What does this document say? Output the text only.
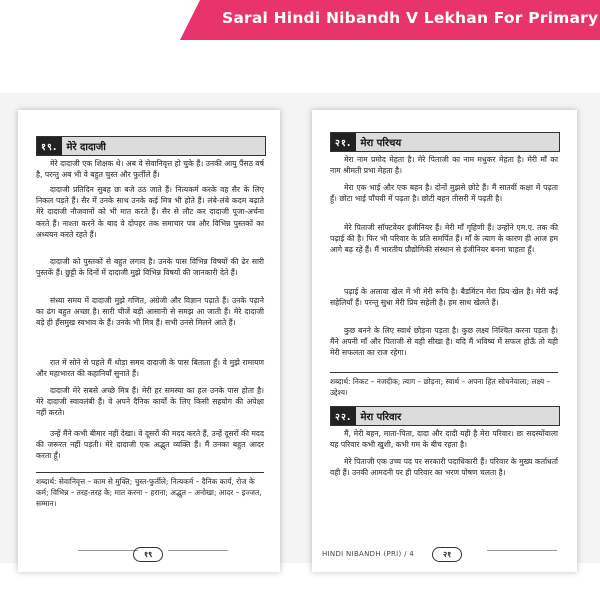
Saral Hindi Nibandh V Lekhan For Primary
१९. मेरे दादाजी

मेरे दादाजी एक शिक्षक थे। अब वे सेवानिवृत्त हो चुके हैं। उनकी आयु पैंसठ वर्ष है, परन्तु अब भी वे बहुत चुस्त और फुर्तीले हैं।

दादाजी प्रतिदिन सुबह छः बजे उठ जाते हैं। नित्यकर्म करके वह सैर के लिए निकल पड़ते हैं। सैर में उनके साथ उनके कई मित्र भी होते हैं। लंबे-लंबे कदम बढ़ाते मेरे दादाजी नौजवानों को भी मात करते हैं। सैर से लौट कर दादाजी पूजा-अर्चना करते हैं। नाश्ता करने के बाद वे दोपहर तक समाचार पत्र और विभिन्न पुस्तकों का अध्ययन करते रहते हैं।

दादाजी को पुस्तकों से बहुत लगाव है। उनके पास विभिन्न विषयों की ढेर सारी पुस्तकें हैं। छुट्टी के दिनों में दादाजी मुझे विभिन्न विषयों की जानकारी देते हैं।

संध्या समय में दादाजी मुझे गणित, अंग्रेजी और विज्ञान पढ़ाते हैं। उनके पढ़ाने का ढंग बहुत अच्छा है। सारी चीजें बड़ी आसानी से समझ आ जाती हैं। मेरे दादाजी बड़े ही हँसमुख स्वभाव के हैं। उनके भी मित्र हैं। सभी उनसे मिलने आते हैं।

रात में सोने से पहले मैं थोड़ा समय दादाजी के पास बिताता हूँ। वे मुझे रामायण और महाभारत की कहानियाँ सुनाते हैं।

दादाजी मेरे सबसे अच्छे मित्र हैं। मेरी हर समस्या का हल उनके पास होता है। मेरे दादाजी स्वावलंबी हैं। वे अपने दैनिक कार्यों के लिए किसी सहयोग की अपेक्षा नहीं करते।

उन्हें मैंने कभी बीमार नहीं देखा। वे दूसरों की मदद करते हैं, उन्हें दूसरों की मदद की जरूरत नहीं पड़ती। मेरे दादाजी एक अद्भुत व्यक्ति हैं। मैं उनका बहुत आदर करता हूँ।

शब्दार्थ: सेवानिवृत्त – काम से मुक्ति; चुस्त-फुर्तीले; नित्यकर्म – दैनिक कार्य, रोज के कर्म; विभिन्न – तरह-तरह के; मात करना – हराना; अद्भुत – अनोखा; आदर – इज्जत, सम्मान।
१९
२१. मेरा परिचय

मेरा नाम प्रमोद मेहता है। मेरे पिताजी का नाम मधुकर मेहता है। मेरी माँ का नाम श्रीमती प्रभा मेहता है।

मेरा एक भाई और एक बहन है। दोनों मुझसे छोटे हैं। मैं सातवीं कक्षा में पढ़ता हूँ। छोटा भाई पाँचवी में पढ़ता है। छोटी बहन तीसरी में पढ़ती है।

मेरे पिताजी सॉफ्टवेयर इंजीनियर हैं। मेरी माँ गृहिणी हैं। उन्होंने एम.ए. तक की पढ़ाई की है। फिर भी परिवार के प्रति समर्पित हैं। माँ के त्याग के कारण ही आज हम आगे बढ़ रहे हैं। मैं भारतीय प्रौद्योगिकी संस्थान से इंजीनियर बनना चाहता हूँ।

पढ़ाई के अलावा खेल में भी मेरी रूचि है। बैडमिंटन मेरा प्रिय खेल है। मेरी कई सहेलियाँ हैं। परन्तु सुधा मेरी प्रिय सहेली है। हम साथ खेलते हैं।

कुछ बनने के लिए स्वार्थ छोड़ना पड़ता है। कुछ लक्ष्य निश्चित करना पड़ता है। मैंने अपनी माँ और पिताजी से यही सीखा है। यदि मैं भविष्य में सफल होऊँ तो यही मेरी सफलता का राज रहेगा।

शब्दार्थ: निकट – नजदीक; त्याग – छोड़ना; स्वार्थ – अपना हित सोचनेवाला; लक्ष्य – उद्देश्य।
२२. मेरा परिवार

मैं, मेरी बहन, माता-पिता, दादा और दादी यही है मेरा परिवार। छः सदस्योंवाला यह परिवार कभी खुशी, कभी गम के बीच रहता है।

मेरे पिताजी एक उच्च पद पर सरकारी पदाधिकारी हैं। परिवार के मुख्य कर्ताधर्ता वही हैं। उनकी आमदनी पर ही परिवार का भरण पोषण चलता है।

HINDI NIBANDH (PRI) / 4	२१
